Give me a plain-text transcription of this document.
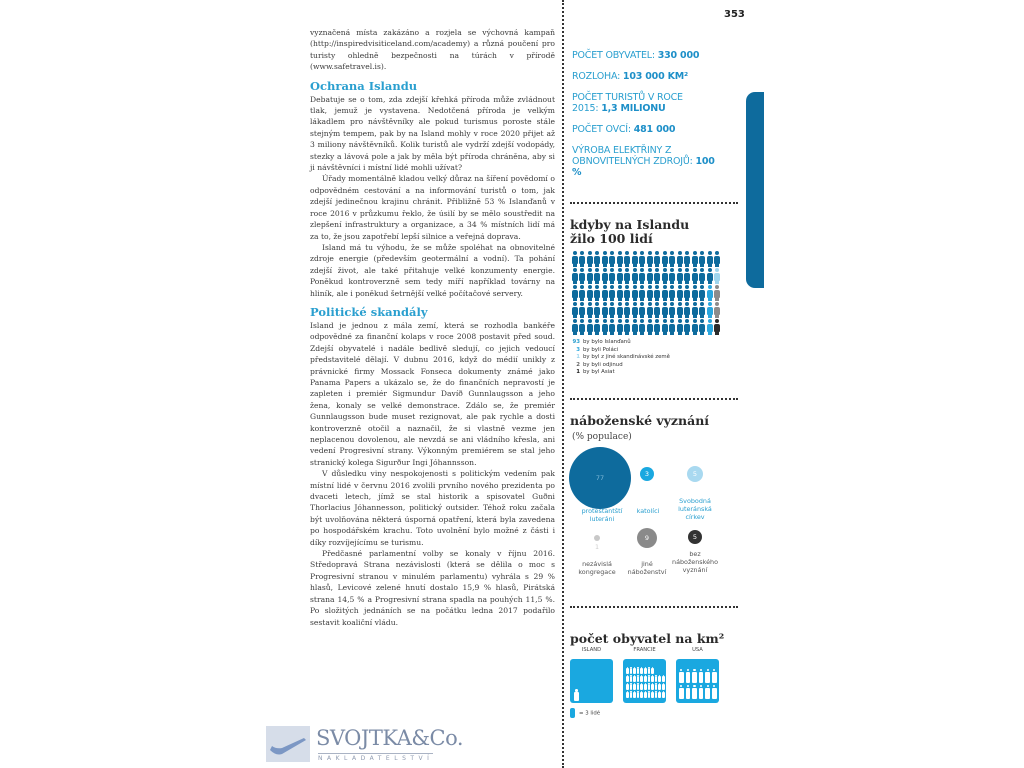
vyznačená místa zakázáno a rozjela se výchovná kampaň (http://inspiredvisiticeland.com/academy) a různá poučení pro turisty ohledně bezpečnosti na túrách v přírodě (www.safetravel.is).

Ochrana Islandu

Debatuje se o tom, zda zdejší křehká příroda může zvládnout tlak, jemuž je vystavena. Nedotčená příroda je velkým lákadlem pro návštěvníky ale pokud turismus poroste stále stejným tempem, pak by na Island mohly v roce 2020 přijet až 3 miliony návštěvníků. Kolik turistů ale vydrží zdejší vodopády, stezky a lávová pole a jak by měla být příroda chráněna, aby si ji návštěvníci i místní lidé mohli užívat?

Úřady momentálně kladou velký důraz na šíření povědomí o odpovědném cestování a na informování turistů o tom, jak zdejší jedinečnou krajinu chránit. Přibližně 53 % Islanďanů v roce 2016 v průzkumu řeklo, že úsilí by se mělo soustředit na zlepšení infrastruktury a organizace, a 34 % místních lidí má za to, že jsou zapotřebí lepší silnice a veřejná doprava.

Island má tu výhodu, že se může spoléhat na obnovitelné zdroje energie (především geotermální a vodní). Ta pohání zdejší život, ale také přitahuje velké konzumenty energie. Poněkud kontroverzně sem tedy míří například továrny na hliník, ale i poněkud šetrnější velké počítačové servery.

Politické skandály

Island je jednou z mála zemí, která se rozhodla bankéře odpovědné za finanční kolaps v roce 2008 postavit před soud. Zdejší obyvatelé i nadále bedlivě sledují, co jejich vedoucí představitelé dělají. V dubnu 2016, když do médií unikly z právnické firmy Mossack Fonseca dokumenty známé jako Panama Papers a ukázalo se, že do finančních nepravostí je zapleten i premiér Sigmundur Davíð Gunnlaugsson a jeho žena, konaly se velké demonstrace. Zdálo se, že premiér Gunnlaugsson bude muset rezignovat, ale pak rychle a dosti kontroverzně otočil a naznačil, že si vlastně vezme jen neplacenou dovolenou, ale nevzdá se ani vládního křesla, ani vedení Progresivní strany. Výkonným premiérem se stal jeho stranický kolega Sigurður Ingi Jóhannsson.

V důsledku viny nespokojenosti s politickým vedením pak místní lidé v červnu 2016 zvolili prvního nového prezidenta po dvaceti letech, jímž se stal historik a spisovatel Guðni Thorlacius Jóhannesson, politický outsider. Téhož roku začala být uvolňována některá úsporná opatření, která byla zavedena po hospodářském krachu. Toto uvolnění bylo možné z části i díky rozvíjejícímu se turismu.

Předčasné parlamentní volby se konaly v říjnu 2016. Středopravá Strana nezávislosti (která se dělila o moc s Progresivní stranou v minulém parlamentu) vyhrála s 29 % hlasů, Levicové zelené hnutí dostalo 15,9 % hlasů, Pirátská strana 14,5 % a Progresivní strana spadla na pouhých 11,5 %. Po složitých jednáních se na počátku ledna 2017 podařilo sestavit koaliční vládu.

353
POČET OBYVATEL: 330 000
ROZLOHA: 103 000 KM²
POČET TURISTŮ V ROCE 2015: 1,3 MILIONU
POČET OVCÍ: 481 000
VÝROBA ELEKTŘINY Z OBNOVITELNÝCH ZDROJŮ: 100 %
kdyby na Islandu
žilo 100 lidí
93 by bylo Islanďanů
3 by byli Poláci
1 by byl z jiné skandinávské země
2 by byli odjinud
1 by byl Asiat
náboženské vyznání
(% populace)
77	3	5
protestantští luteráni
katolíci
Svobodná luteránská církev
1
9	5
nezávislá kongregace
jiné náboženství
bez náboženského vyznání
počet obyvatel na km²
ISLAND	FRANCIE	USA
= 3 lidé
SVOJTKA&Co.
NAKLADATELSTVÍ
